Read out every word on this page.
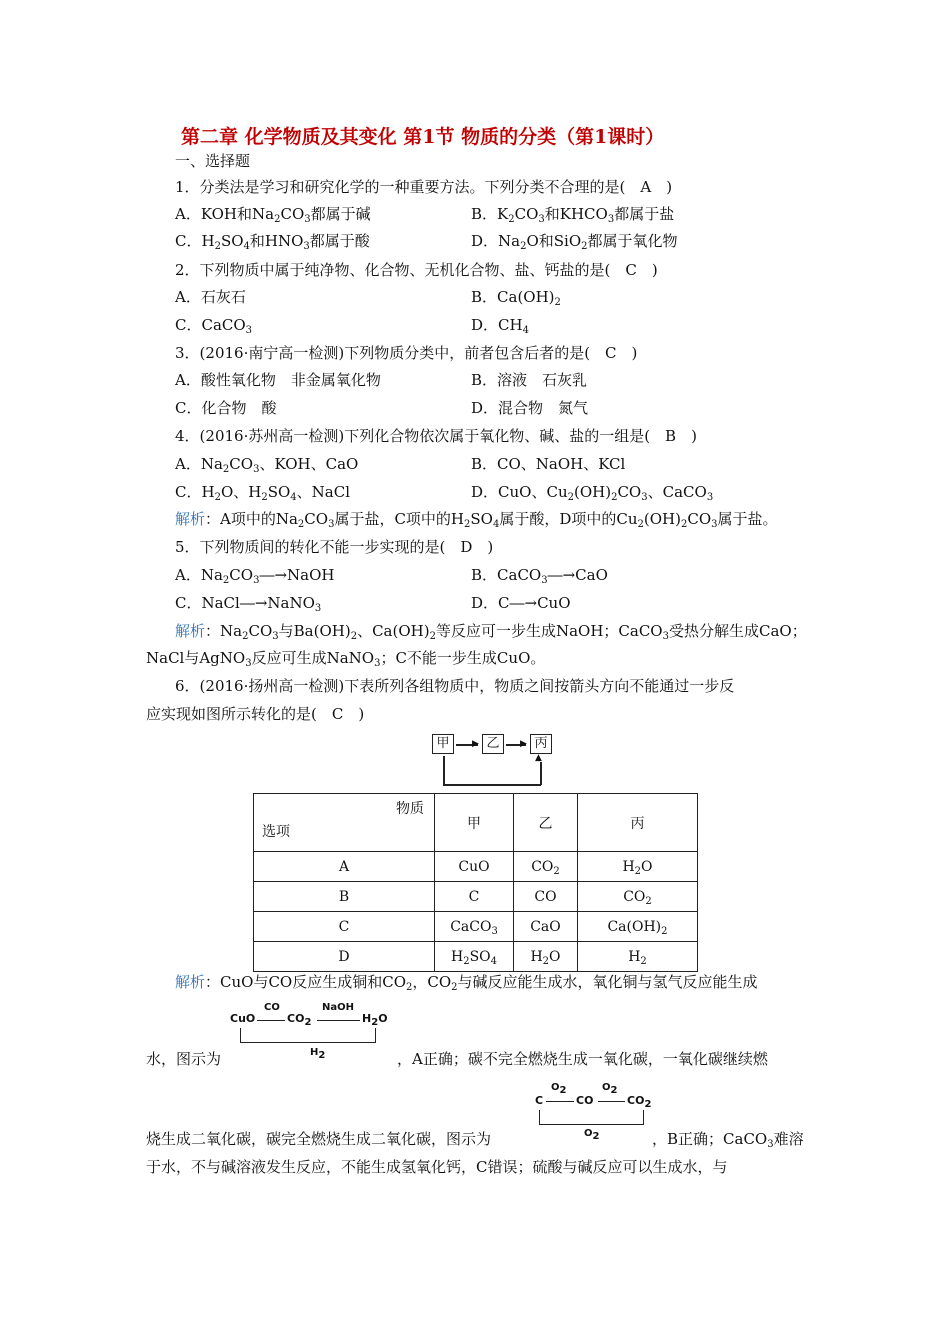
第二章 化学物质及其变化 第1节 物质的分类（第1课时）
一、选择题
1．分类法是学习和研究化学的一种重要方法。下列分类不合理的是(　A　)
A．KOH和$Na_2CO_3$都属于碱	B．$K_2CO_3$和$KHCO_3$都属于盐
C．$H_2SO_4$和$HNO_3$都属于酸	D．$Na_2O$和SiO$_2$都属于氧化物
2．下列物质中属于纯净物、化合物、无机化合物、盐、钙盐的是(　C　)
A．石灰石	B．$Ca(OH)_2$
C．CaCO$_3$	D．$CH_4$
3．(2016·南宁高一检测)下列物质分类中，前者包含后者的是(　C　)
A．酸性氧化物　非金属氧化物	B．溶液　石灰乳
C．化合物　酸	D．混合物　氮气
4．(2016·苏州高一检测)下列化合物依次属于氧化物、碱、盐的一组是(　B　)
A．$Na_2CO_3$、KOH、CaO	B．CO、NaOH、KCl
C．$H_2O$、$H_2SO_4$、NaCl	D．CuO、$Cu_2(OH)_2CO_3$、CaCO$_3$
解析：A项中的$Na_2CO_3$属于盐，C项中的$H_2SO_4$属于酸，D项中的$Cu_2(OH)_2CO_3$属于盐。
5．下列物质间的转化不能一步实现的是(　D　)
A．$Na_2CO_3―\to NaOH$	B．CaCO$_3$―→CaO
C．NaCl―→NaNO$_3$	D．C―→CuO
解析：$Na_2CO_3$与$Ba(OH)_2$、$Ca(OH)_2$等反应可一步生成NaOH；CaCO$_3$受热分解生成CaO；
NaCl与AgNO$_3$反应可生成NaNO$_3$；C不能一步生成CuO。
6．(2016·扬州高一检测)下表所列各组物质中，物质之间按箭头方向不能通过一步反
应实现如图所示转化的是(　C　)
甲	乙	丙
▶	▶
▲
物质
选项	甲	乙	丙
A	CuO	$CO_2$	$H_2O$
B	C	CO	$CO_2$
C	CaCO$_3$	CaO	$Ca(OH)_2$
D	$H_2SO_4$	$H_2O$	$H_2$
解析：CuO与CO反应生成铜和$CO_2$，$CO_2$与碱反应能生成水，氧化铜与氢气反应能生成
CuO	$CO_2$	$H_2O$
CO	NaOH
$H_2$
水，图示为	，A正确；碳不完全燃烧生成一氧化碳，一氧化碳继续燃
C	CO	$CO_2$
$O_2$	$O_2$
$O_2$
烧生成二氧化碳，碳完全燃烧生成二氧化碳，图示为	，B正确；CaCO$_3$难溶
于水，不与碱溶液发生反应，不能生成氢氧化钙，C错误；硫酸与碱反应可以生成水，与
